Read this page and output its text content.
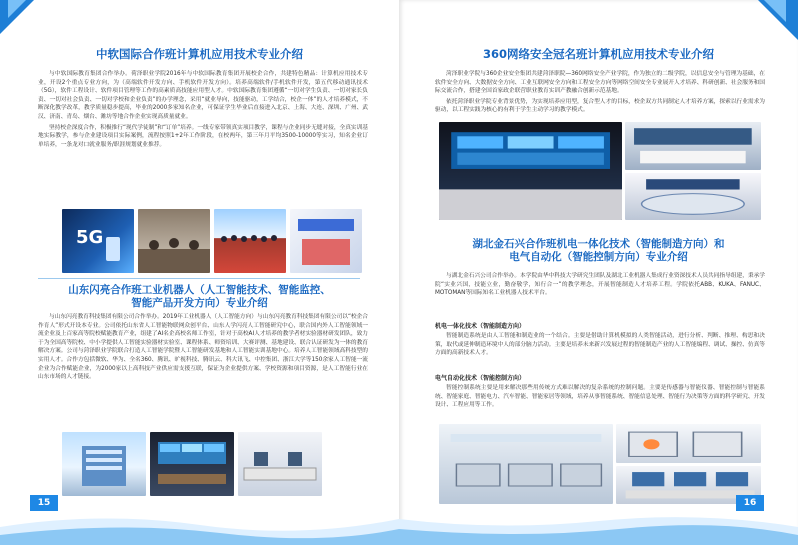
中软国际合作班计算机应用技术专业介绍

与中软国际教育集团合作举办。荷泽职业学院2016年与中软国际教育集团开展校企合作，共建特色精品：计算机应用技术专业，开设2个重点专业方向，为（高端软件开发方向、手机软件开发方向）。培养高端软件/手机软件开发，第五代移动通讯技术（5G），软件工程设计、软件项目管理等工作的高素质高技能应用型人才。中软国际教育集团遵循“一切对学生负责、一切对家长负责、一切对社会负责、一切对学校和企业负责”的办学理念，采用“就业导向，技能驱动，工学结合，校企一体”的人才培养模式，不断深化教学改革，教学质量稳步提高，毕业的2000多家知名企业，可保证学生毕业后直接进入北京、上海、大连、深圳、广州、武汉、济南、青岛、烟台、潍坊等地合作企业实现高质量就业。

坚持校企深度合作，积极推行“现代学徒制”和“订单”培养。一线专家带领真实项目教学，课程与企业同步无缝对接，全真实训基地实际教学，参与企业建设项目实际案例，流程按照1+2年工作阶段，在校两年，第三年月平均3500-10000等实习，知名企业订单培养，一条龙对口就业服务/职涯规划就业推荐。

5G
山东闪亮合作班工业机器人（人工智能技术、智能监控、
智能产品开发方向）专业介绍

与山东闪亮教育科技集团有限公司合作举办。2019年工业机器人（人工智能方向）与山东闪亮教育科技集团有限公司以“校企合作育人”形式开设本专业。公司依托山东省人工智能物联网众创平台、山东人学闪亮人工智能研究中心，联合国内外人工智能领域一流企业及上百家高等院校赋能教育产业，组建了AI名企高校名师工作室，针对于高校AI人才培养的教学者材实验器材研发团队，致力于为全国高等院校、中小学提供人工智能实验器材实验室、课程体系、师资培训、大赛评测、基地建设、联合认证研发为一体的教育解决方案。公司与菏泽职业学院联合打造人工智能学院暨人工智能研发基地和人工智能实训基地中心。培养人工智能领域高科技型的实用人才。合作方包括微软、华为、全名360、腾讯、旷视科技、腾讯云、科大讯飞、中控集团、浙江大学等150余家人工智能一流企业为合作赋能企业，为2000家以上高科技产业供应需支援互联，保证为企业提供方案、学校资源和项目资源，是人工智能行业在山东市场的人才链接。

15
360网络安全冠名班计算机应用技术专业介绍

菏泽职业学院与360企业安全集团共建菏泽职院—360网络安全产业学院，作为独立的二级学院，以信息安全与管理为基础，在软件安全方向、大数据安全方向、工业互联网安全方向和工程安全方向等网络空间安全专业展开人才培养、科研创新、社会服务和国际交流合作，搭建全国首家政企联营职业教育实训产教融合创新示范基地。

依托菏泽职业学院专业背景优势，为实现培养应用型，复合型人才的目标，校企双方共同制定人才培养方案，探索以行业需求为驱动，以工程实践为核心的有利于学生主动学习的教学模式。

湖北金石兴合作班机电一体化技术（智能制造方向）和
电气自动化（智能控制方向）专业介绍

与湖北金石兴公司合作举办。本学院由华中科技大学研究生团队及湖北工业机器人集成行业资深技术人员共同指导组建，秉承学院“实业兴国，技能立业，勤奋敬学，知行合一”的教学理念，开展智能制造人才培养工程。学院依托ABB、KUKA、FANUC、MOTOMAN等国际知名工业机器人技术平台。

机电一体化技术（智能制造方向）

智能制造系统是由人工智能和制造业的一个结合。主要是借助计算机模拟的人类智能活动，进行分析、判断、推理、构思和决策，取代或延伸制造环境中人的部分脑力活动。主要是培养未来新兴发展过程的智能制造产业的人工智能编程、调试、操控、仿真等方面的高新技术人才。

电气自动化技术（智能控制方向）

智能控制系统主要是用来解决那些用传统方式难以解决的复杂系统的控制问题。主要是传感器与智能仪器、智能控制与智能系统、智能家庭、智能电力、汽车智能、智能家居等领域，培养从事智能系统、智能信息处理、智能行为决策等方面的科学研究、开发设计、工程应用等工作。

16
